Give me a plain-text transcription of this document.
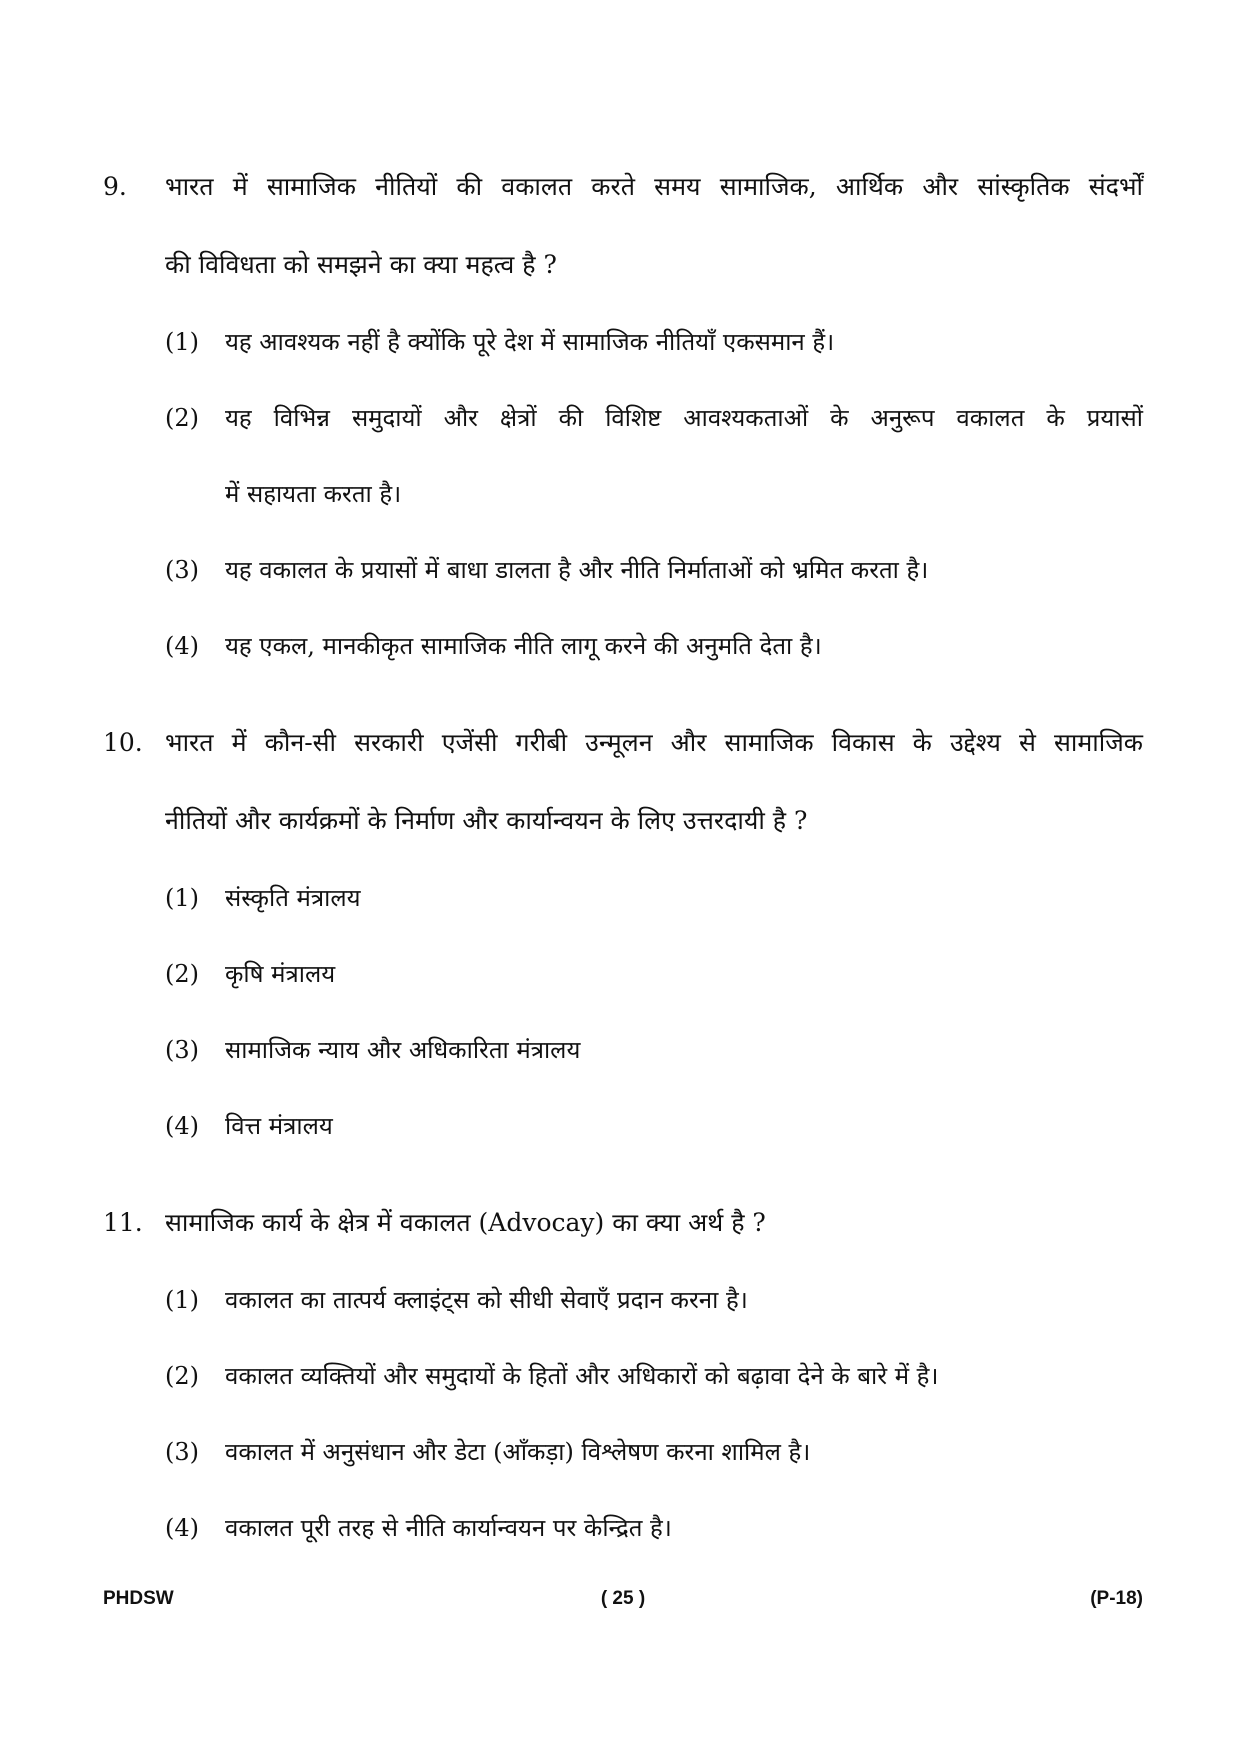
9.	भारत में सामाजिक नीतियों की वकालत करते समय सामाजिक, आर्थिक और सांस्कृतिक संदर्भों
की विविधता को समझने का क्या महत्व है ?
(1)	यह आवश्यक नहीं है क्योंकि पूरे देश में सामाजिक नीतियाँ एकसमान हैं।
(2)	यह विभिन्न समुदायों और क्षेत्रों की विशिष्ट आवश्यकताओं के अनुरूप वकालत के प्रयासों
में सहायता करता है।
(3)	यह वकालत के प्रयासों में बाधा डालता है और नीति निर्माताओं को भ्रमित करता है।
(4)	यह एकल, मानकीकृत सामाजिक नीति लागू करने की अनुमति देता है।
10. भारत में कौन-सी सरकारी एजेंसी गरीबी उन्मूलन और सामाजिक विकास के उद्देश्य से सामाजिक
नीतियों और कार्यक्रमों के निर्माण और कार्यान्वयन के लिए उत्तरदायी है ?
(1)	संस्कृति मंत्रालय
(2)	कृषि मंत्रालय
(3)	सामाजिक न्याय और अधिकारिता मंत्रालय
(4)	वित्त मंत्रालय
11. सामाजिक कार्य के क्षेत्र में वकालत (Advocay) का क्या अर्थ है ?
(1)	वकालत का तात्पर्य क्लाइंट्स को सीधी सेवाएँ प्रदान करना है।
(2)	वकालत व्यक्तियों और समुदायों के हितों और अधिकारों को बढ़ावा देने के बारे में है।
(3)	वकालत में अनुसंधान और डेटा (आँकड़ा) विश्लेषण करना शामिल है।
(4)	वकालत पूरी तरह से नीति कार्यान्वयन पर केन्द्रित है।
PHDSW	( 25 )	(P-18)
